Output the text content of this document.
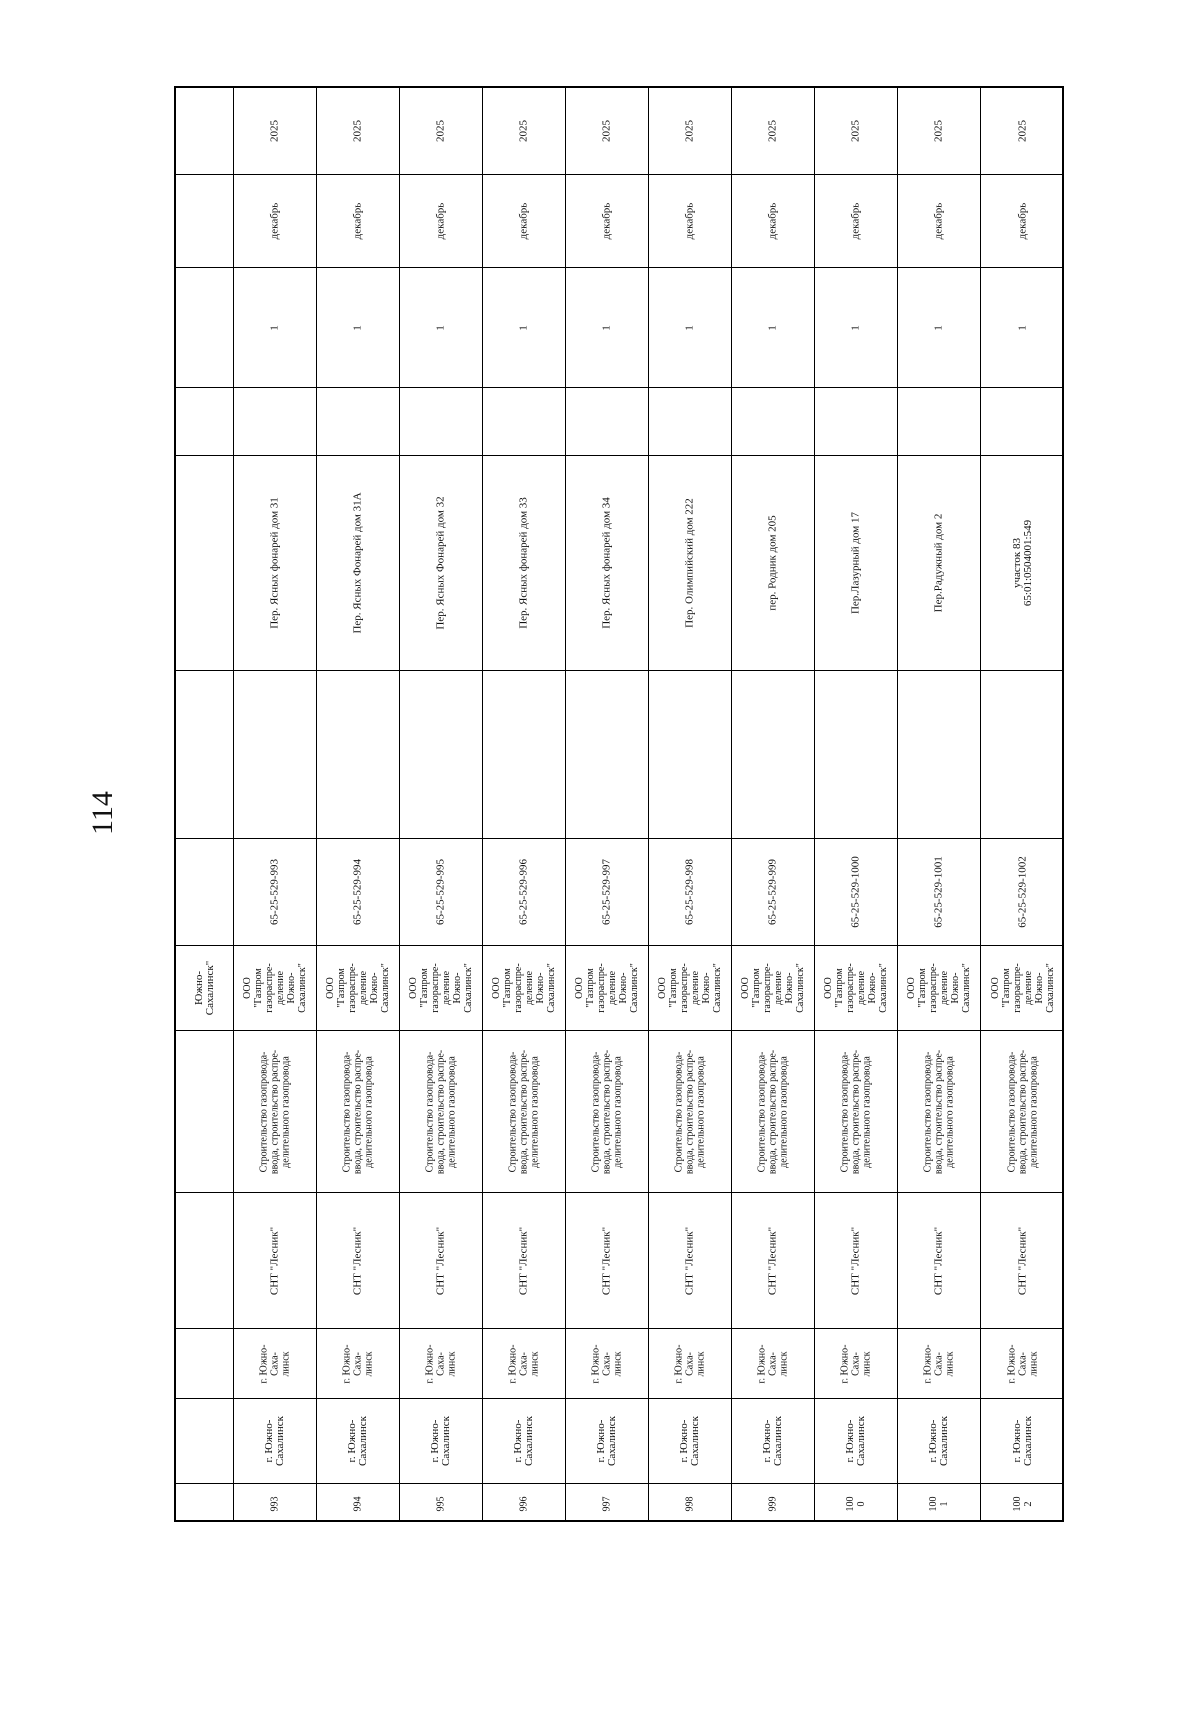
114
Южно-
Сахалинск"
2025
декабрь
1
Пер. Ясных фонарей дом 31
65-25-529-993
ООО
"Газпром
газораспре-
деление
Южно-
Сахалинск"
Строительство газопровода-
ввода, строительство распре-
делительного газопровода
СНТ "Лесник"
г. Южно-
Саха-
линск
г. Южно-
Сахалинск
993
2025
декабрь
1
Пер. Ясных Фонарей дом 31А
65-25-529-994
ООО
"Газпром
газораспре-
деление
Южно-
Сахалинск"
Строительство газопровода-
ввода, строительство распре-
делительного газопровода
СНТ "Лесник"
г. Южно-
Саха-
линск
г. Южно-
Сахалинск
994
2025
декабрь
1
Пер. Ясных Фонарей дом 32
65-25-529-995
ООО
"Газпром
газораспре-
деление
Южно-
Сахалинск"
Строительство газопровода-
ввода, строительство распре-
делительного газопровода
СНТ "Лесник"
г. Южно-
Саха-
линск
г. Южно-
Сахалинск
995
2025
декабрь
1
Пер. Ясных фонарей дом 33
65-25-529-996
ООО
"Газпром
газораспре-
деление
Южно-
Сахалинск"
Строительство газопровода-
ввода, строительство распре-
делительного газопровода
СНТ "Лесник"
г. Южно-
Саха-
линск
г. Южно-
Сахалинск
996
2025
декабрь
1
Пер. Ясных фонарей дом 34
65-25-529-997
ООО
"Газпром
газораспре-
деление
Южно-
Сахалинск"
Строительство газопровода-
ввода, строительство распре-
делительного газопровода
СНТ "Лесник"
г. Южно-
Саха-
линск
г. Южно-
Сахалинск
997
2025
декабрь
1
Пер. Олимпийский дом 222
65-25-529-998
ООО
"Газпром
газораспре-
деление
Южно-
Сахалинск"
Строительство газопровода-
ввода, строительство распре-
делительного газопровода
СНТ "Лесник"
г. Южно-
Саха-
линск
г. Южно-
Сахалинск
998
2025
декабрь
1
пер. Родник дом 205
65-25-529-999
ООО
"Газпром
газораспре-
деление
Южно-
Сахалинск"
Строительство газопровода-
ввода, строительство распре-
делительного газопровода
СНТ "Лесник"
г. Южно-
Саха-
линск
г. Южно-
Сахалинск
999
2025
декабрь
1
Пер.Лазурный дом 17
65-25-529-1000
ООО
"Газпром
газораспре-
деление
Южно-
Сахалинск"
Строительство газопровода-
ввода, строительство распре-
делительного газопровода
СНТ "Лесник"
г. Южно-
Саха-
линск
г. Южно-
Сахалинск
100
0
2025
декабрь
1
Пер.Радужный дом 2
65-25-529-1001
ООО
"Газпром
газораспре-
деление
Южно-
Сахалинск"
Строительство газопровода-
ввода, строительство распре-
делительного газопровода
СНТ "Лесник"
г. Южно-
Саха-
линск
г. Южно-
Сахалинск
100
1
2025
декабрь
1
участок 83
65:01:0504001:549
65-25-529-1002
ООО
"Газпром
газораспре-
деление
Южно-
Сахалинск"
Строительство газопровода-
ввода, строительство распре-
делительного газопровода
СНТ "Лесник"
г. Южно-
Саха-
линск
г. Южно-
Сахалинск
100
2
